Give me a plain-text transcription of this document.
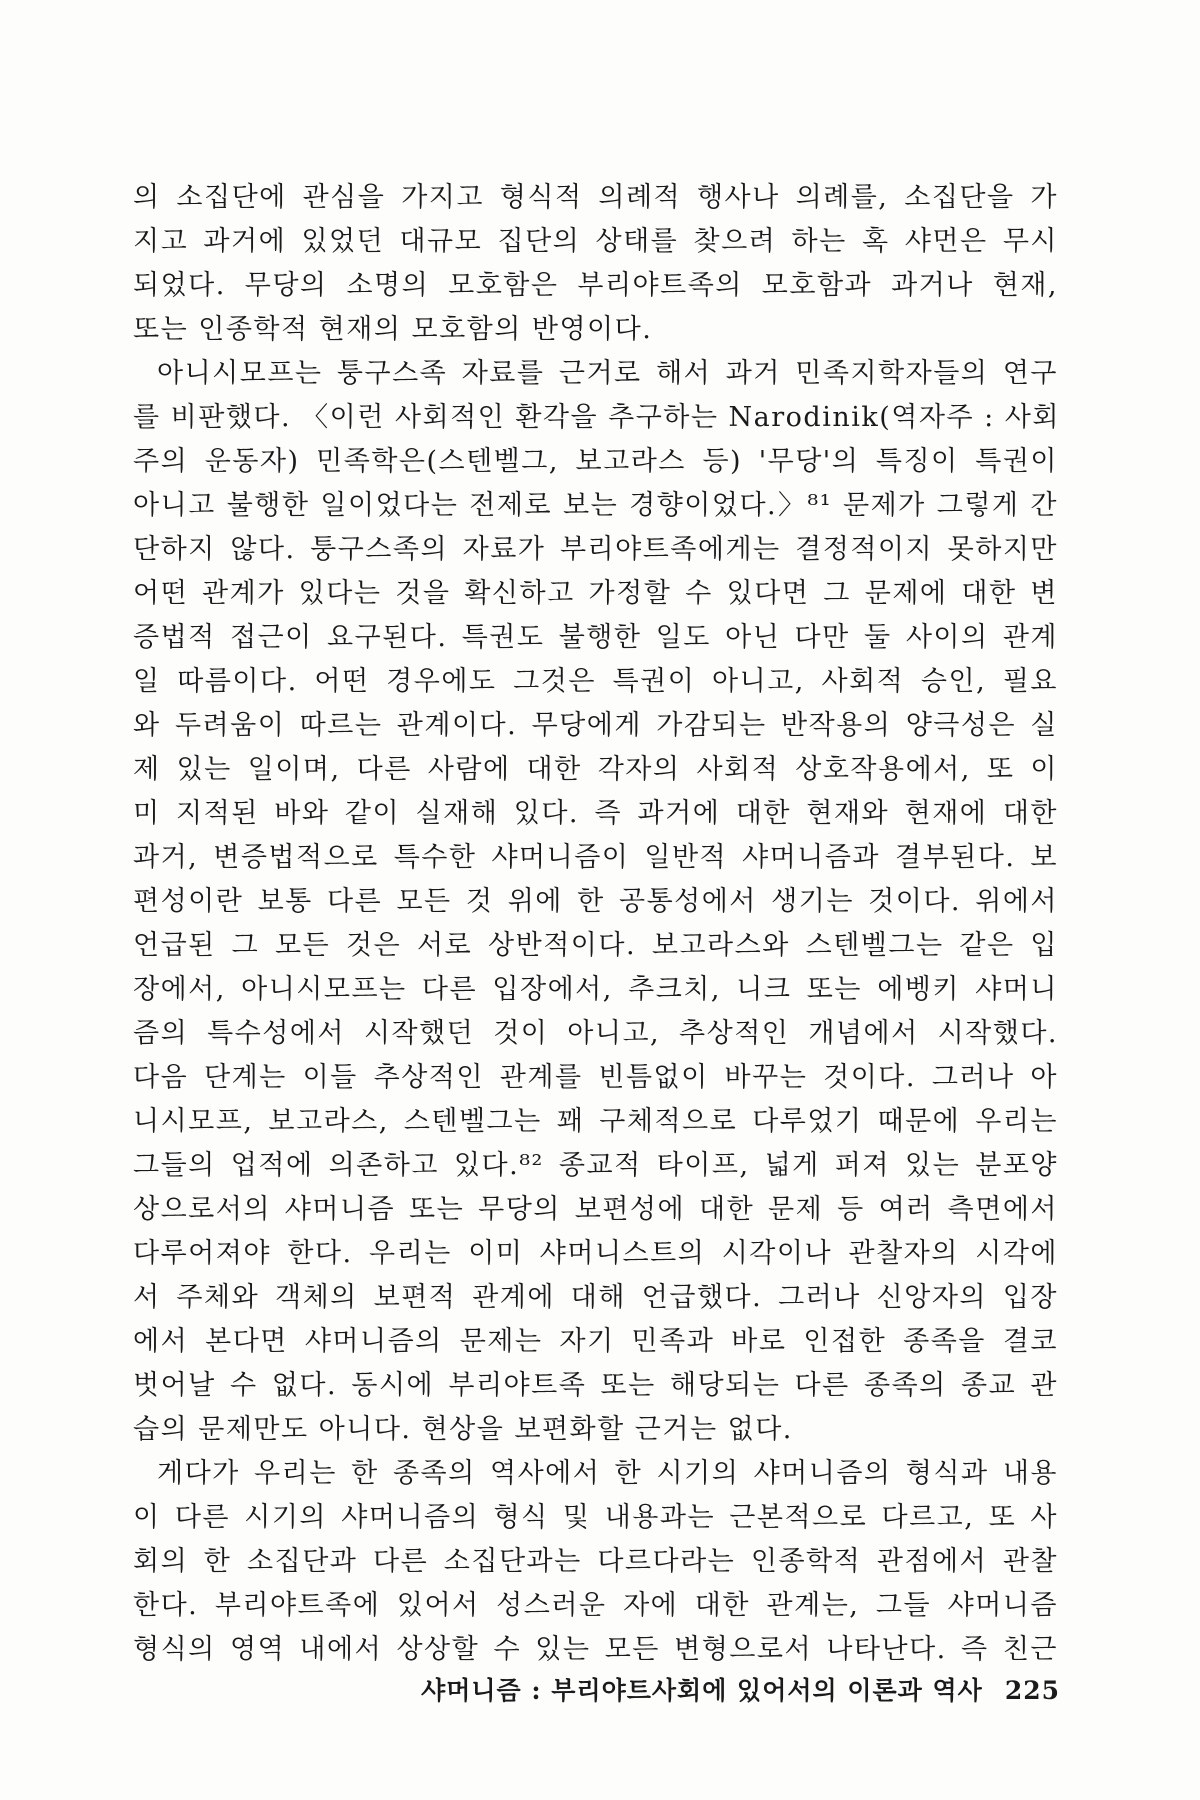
의 소집단에 관심을 가지고 형식적 의례적 행사나 의례를, 소집단을 가
지고 과거에 있었던 대규모 집단의 상태를 찾으려 하는 혹 샤먼은 무시
되었다. 무당의 소명의 모호함은 부리야트족의 모호함과 과거나 현재,
또는 인종학적 현재의 모호함의 반영이다.
아니시모프는 퉁구스족 자료를 근거로 해서 과거 민족지학자들의 연구
를 비판했다. 〈이런 사회적인 환각을 추구하는 Narodinik(역자주 : 사회
주의 운동자) 민족학은(스텐벨그, 보고라스 등) '무당'의 특징이 특권이
아니고 불행한 일이었다는 전제로 보는 경향이었다.〉⁸¹ 문제가 그렇게 간
단하지 않다. 퉁구스족의 자료가 부리야트족에게는 결정적이지 못하지만
어떤 관계가 있다는 것을 확신하고 가정할 수 있다면 그 문제에 대한 변
증법적 접근이 요구된다. 특권도 불행한 일도 아닌 다만 둘 사이의 관계
일 따름이다. 어떤 경우에도 그것은 특권이 아니고, 사회적 승인, 필요
와 두려움이 따르는 관계이다. 무당에게 가감되는 반작용의 양극성은 실
제 있는 일이며, 다른 사람에 대한 각자의 사회적 상호작용에서, 또 이
미 지적된 바와 같이 실재해 있다. 즉 과거에 대한 현재와 현재에 대한
과거, 변증법적으로 특수한 샤머니즘이 일반적 샤머니즘과 결부된다. 보
편성이란 보통 다른 모든 것 위에 한 공통성에서 생기는 것이다. 위에서
언급된 그 모든 것은 서로 상반적이다. 보고라스와 스텐벨그는 같은 입
장에서, 아니시모프는 다른 입장에서, 추크치, 니크 또는 에벵키 샤머니
즘의 특수성에서 시작했던 것이 아니고, 추상적인 개념에서 시작했다.
다음 단계는 이들 추상적인 관계를 빈틈없이 바꾸는 것이다. 그러나 아
니시모프, 보고라스, 스텐벨그는 꽤 구체적으로 다루었기 때문에 우리는
그들의 업적에 의존하고 있다.⁸² 종교적 타이프, 넓게 퍼져 있는 분포양
상으로서의 샤머니즘 또는 무당의 보편성에 대한 문제 등 여러 측면에서
다루어져야 한다. 우리는 이미 샤머니스트의 시각이나 관찰자의 시각에
서 주체와 객체의 보편적 관계에 대해 언급했다. 그러나 신앙자의 입장
에서 본다면 샤머니즘의 문제는 자기 민족과 바로 인접한 종족을 결코
벗어날 수 없다. 동시에 부리야트족 또는 해당되는 다른 종족의 종교 관
습의 문제만도 아니다. 현상을 보편화할 근거는 없다.
게다가 우리는 한 종족의 역사에서 한 시기의 샤머니즘의 형식과 내용
이 다른 시기의 샤머니즘의 형식 및 내용과는 근본적으로 다르고, 또 사
회의 한 소집단과 다른 소집단과는 다르다라는 인종학적 관점에서 관찰
한다. 부리야트족에 있어서 성스러운 자에 대한 관계는, 그들 샤머니즘
형식의 영역 내에서 상상할 수 있는 모든 변형으로서 나타난다. 즉 친근
샤머니즘 : 부리야트사회에 있어서의 이론과 역사 225
